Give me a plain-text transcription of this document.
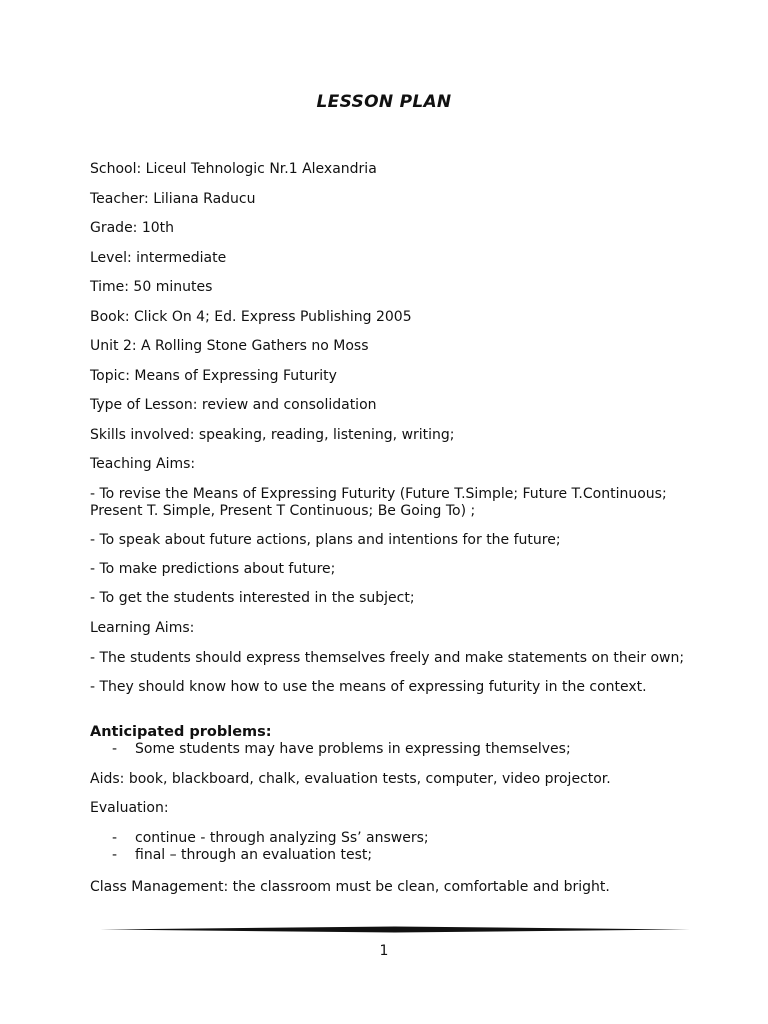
LESSON PLAN
School: Liceul Tehnologic Nr.1 Alexandria
Teacher: Liliana Raducu
Grade: 10th
Level: intermediate
Time: 50 minutes
Book: Click On 4; Ed. Express Publishing 2005
Unit 2: A Rolling Stone Gathers no Moss
Topic: Means of Expressing Futurity
Type of Lesson: review and consolidation
Skills involved: speaking, reading, listening, writing;
Teaching Aims:
- To revise the Means of Expressing Futurity (Future T.Simple; Future T.Continuous;
Present T. Simple, Present T Continuous; Be Going To) ;
- To speak about future actions, plans and intentions for the future;
- To make predictions about future;
- To get the students interested in the subject;
Learning Aims:
- The students should express themselves freely and make statements on their own;
- They should know how to use the means of expressing futurity in the context.
Anticipated problems:
- Some students may have problems in expressing themselves;
Aids: book, blackboard, chalk, evaluation tests, computer, video projector.
Evaluation:
- continue - through analyzing Ss’ answers;
- final – through an evaluation test;
Class Management: the classroom must be clean, comfortable and bright.
1
